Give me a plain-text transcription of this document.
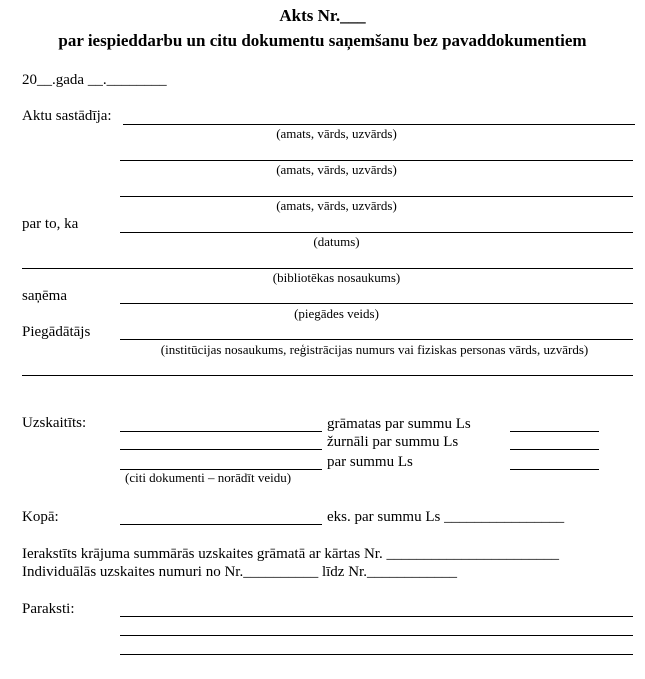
Akts Nr.___
par iespieddarbu un citu dokumentu saņemšanu bez pavaddokumentiem
20__.gada __.________
Aktu sastādīja:
(amats, vārds, uzvārds)
(amats, vārds, uzvārds)
(amats, vārds, uzvārds)
par to, ka
(datums)
(bibliotēkas nosaukums)
saņēma
(piegādes veids)
Piegādātājs
(institūcijas nosaukums, reģistrācijas numurs vai fiziskas personas vārds, uzvārds)
Uzskaitīts:	grāmatas par summu Ls
žurnāli par summu Ls
par summu Ls
(citi dokumenti – norādīt veidu)
Kopā:	eks. par summu Ls ________________
Ierakstīts krājuma summārās uzskaites grāmatā ar kārtas Nr. _______________________
Individuālās uzskaites numuri no Nr.__________ līdz Nr.____________
Paraksti:
